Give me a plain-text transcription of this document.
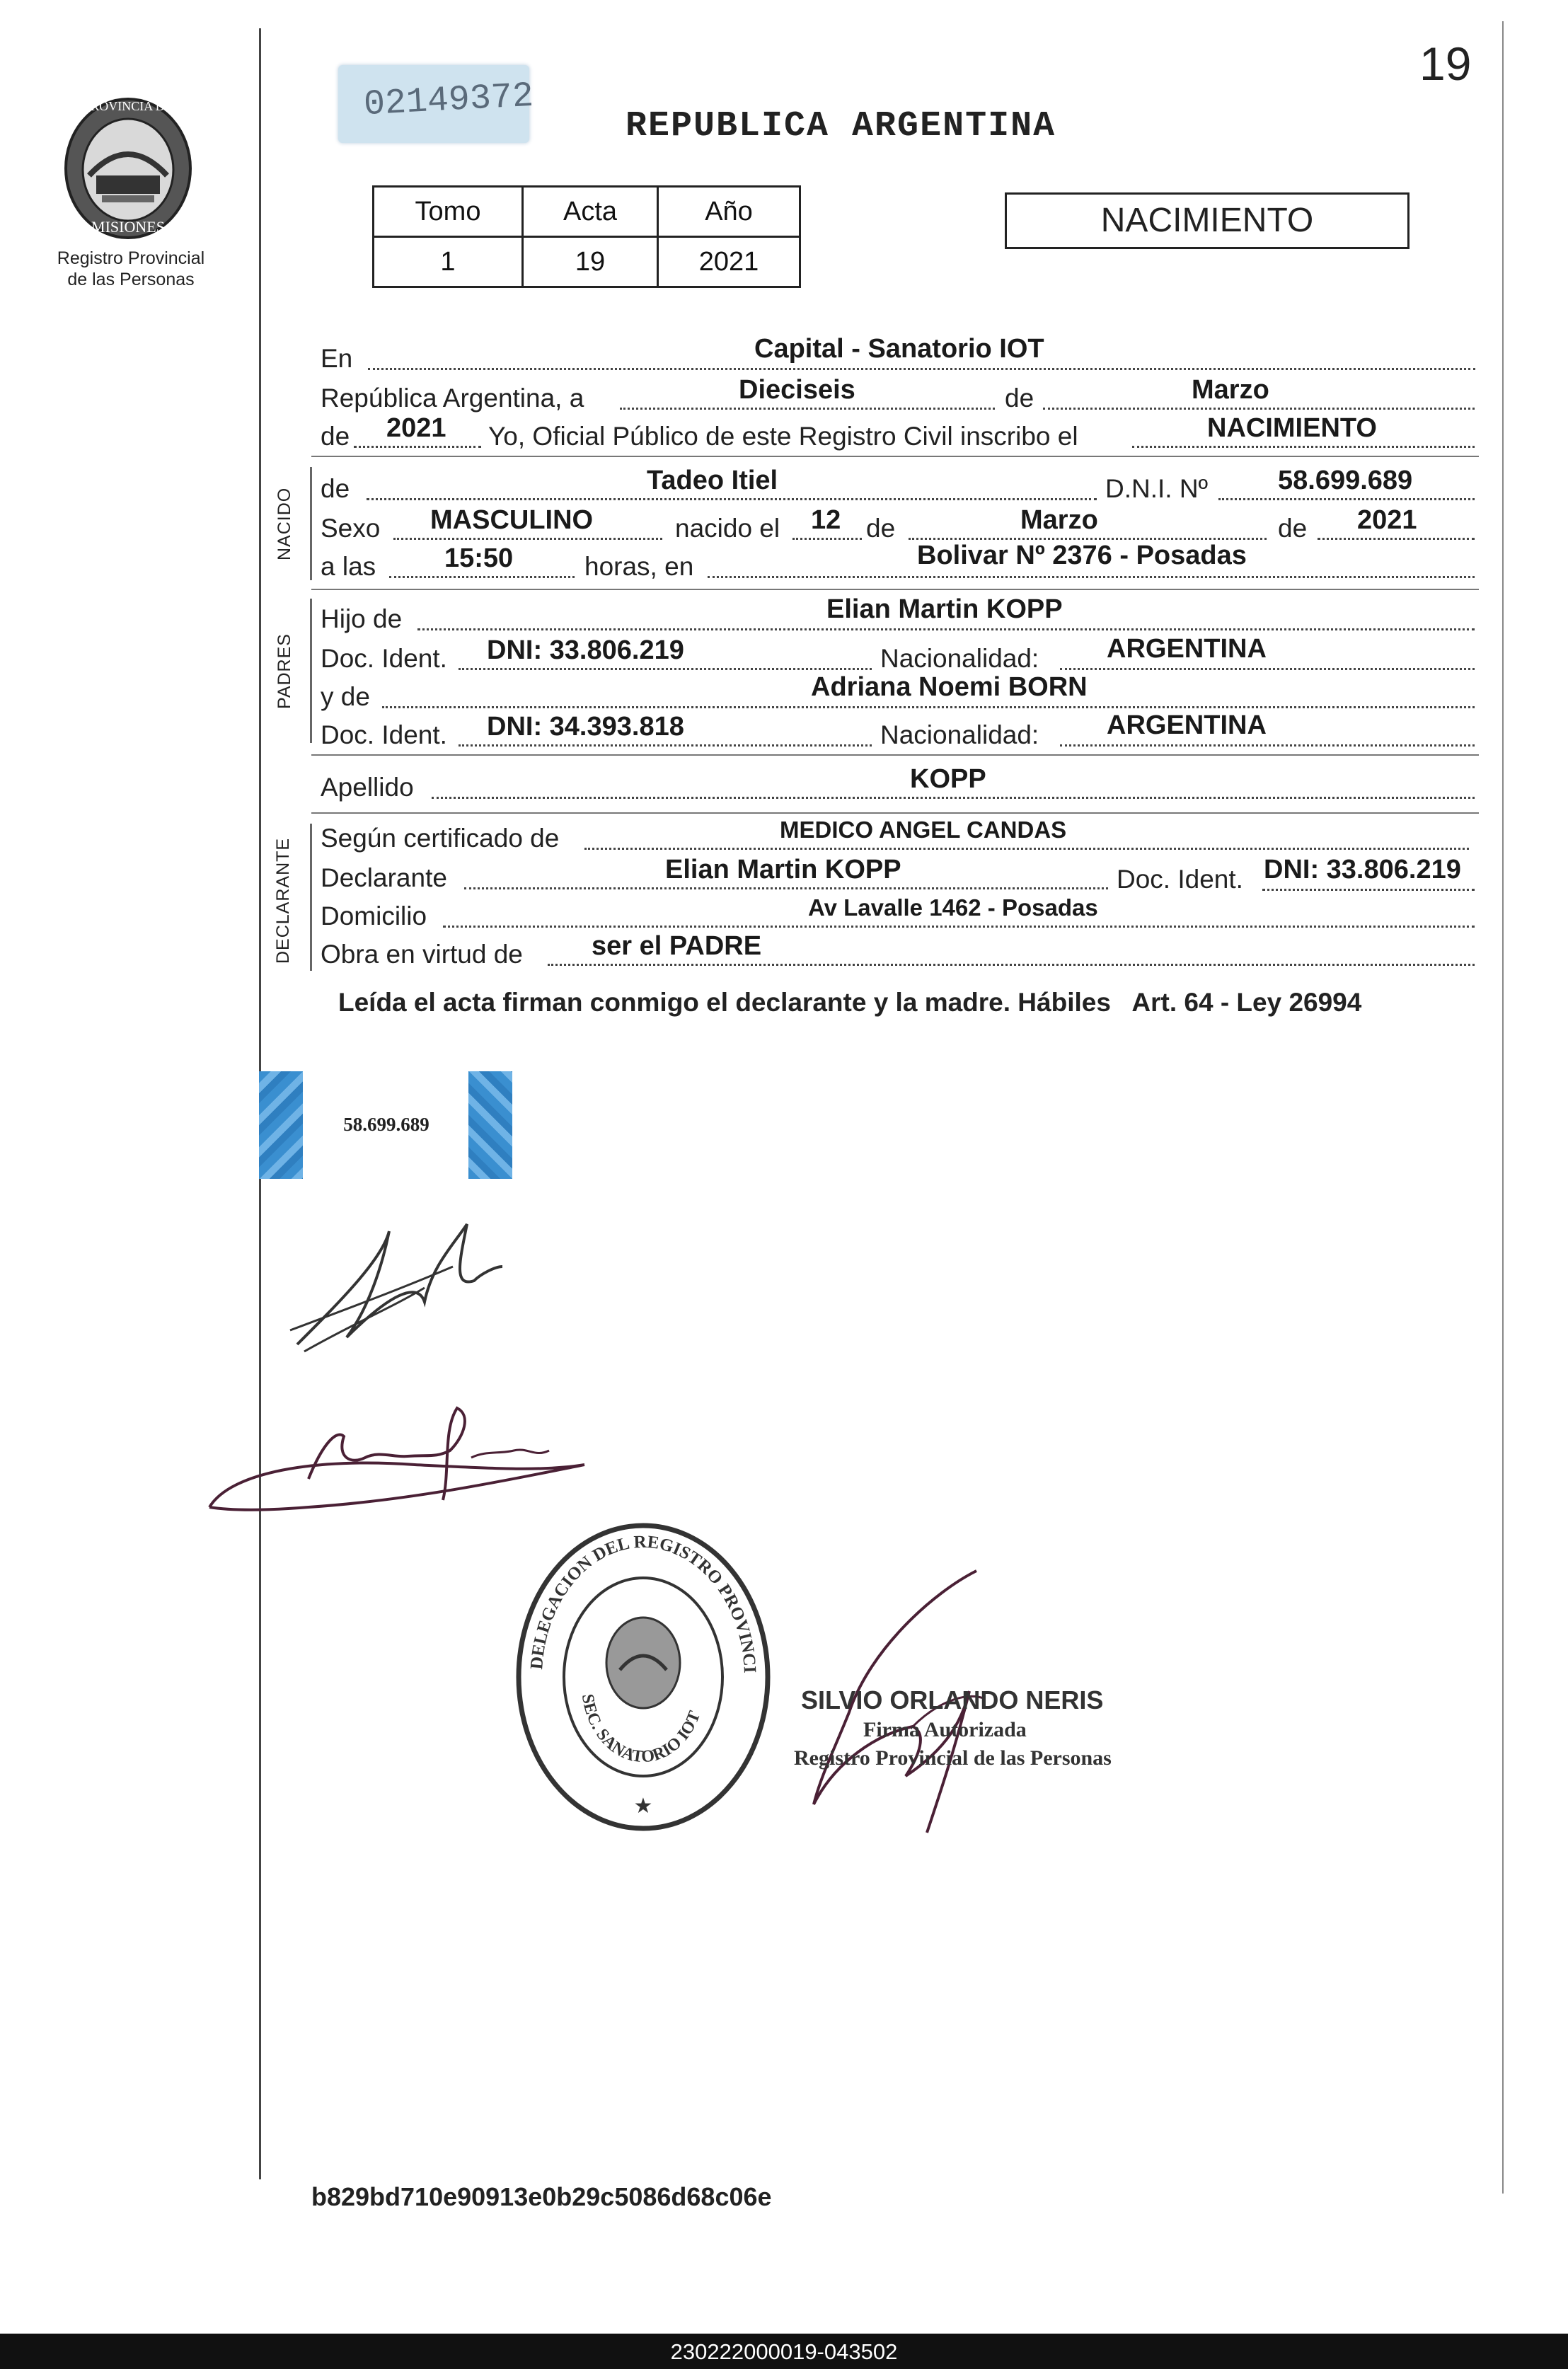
19
PROVINCIA DE
MISIONES
Registro Provincial
de las Personas
02149372
REPUBLICA ARGENTINA
Tomo	Acta	Año
1	19	2021
NACIMIENTO
En	Capital - Sanatorio IOT
República Argentina, a	Dieciseis	de	Marzo
de 2021 Yo, Oficial Público de este Registro Civil inscribo el	NACIMIENTO
NACIDO de	Tadeo Itiel	D.N.I. Nº	58.699.689
Sexo MASCULINO	nacido el 12 de	Marzo	de 2021
a las	15:50	horas, en	Bolivar Nº 2376 - Posadas
PADRES
Hijo de	Elian Martin KOPP
Doc. Ident. DNI: 33.806.219	Nacionalidad:	ARGENTINA
y de	Adriana Noemi BORN
Doc. Ident. DNI: 34.393.818	Nacionalidad:	ARGENTINA
Apellido	KOPP
DECLARANTE Según certificado de	MEDICO ANGEL CANDAS
Declarante	Elian Martin KOPP	Doc. Ident. DNI: 33.806.219
Domicilio	Av Lavalle 1462 - Posadas
Obra en virtud de	ser el PADRE
Leída el acta firman conmigo el declarante y la madre. Hábiles   Art. 64 - Ley 26994
58.699.689
DELEGACION DEL REGISTRO PROVINCI
SEC. SANATORIO IOT
★
SILVIO ORLANDO NERIS
Firma Autorizada
Registro Provincial de las Personas
b829bd710e90913e0b29c5086d68c06e
230222000019-043502
